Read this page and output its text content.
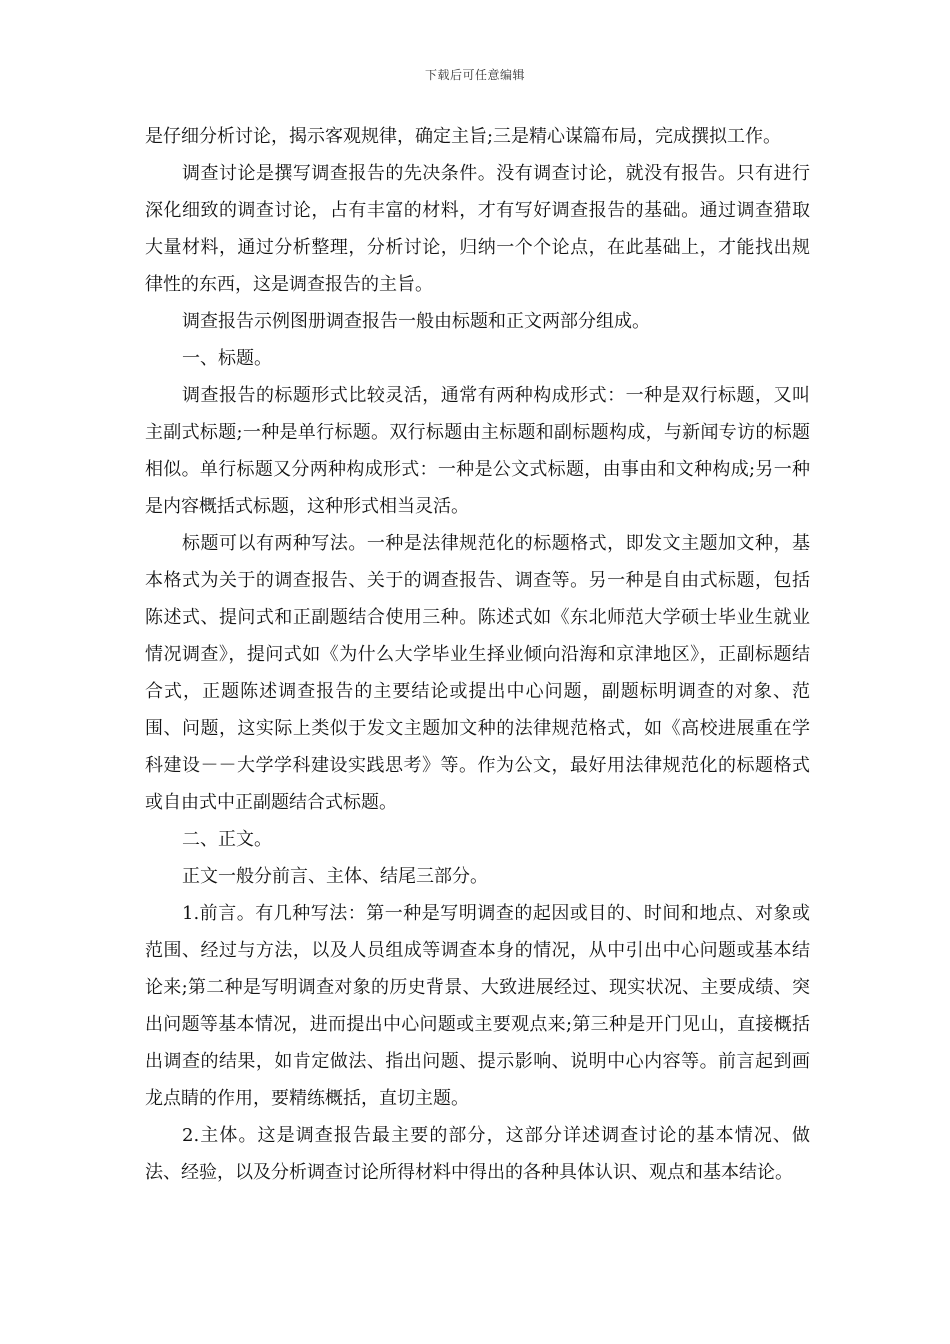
下载后可任意编辑

是仔细分析讨论，揭示客观规律，确定主旨;三是精心谋篇布局，完成撰拟工作。

调查讨论是撰写调查报告的先决条件。没有调查讨论，就没有报告。只有进行深化细致的调查讨论，占有丰富的材料，才有写好调查报告的基础。通过调查猎取大量材料，通过分析整理，分析讨论，归纳一个个论点，在此基础上，才能找出规律性的东西，这是调查报告的主旨。

调查报告示例图册调查报告一般由标题和正文两部分组成。

一、标题。

调查报告的标题形式比较灵活，通常有两种构成形式：一种是双行标题，又叫主副式标题;一种是单行标题。双行标题由主标题和副标题构成，与新闻专访的标题相似。单行标题又分两种构成形式：一种是公文式标题，由事由和文种构成;另一种是内容概括式标题，这种形式相当灵活。

标题可以有两种写法。一种是法律规范化的标题格式，即发文主题加文种，基本格式为关于的调查报告、关于的调查报告、调查等。另一种是自由式标题，包括陈述式、提问式和正副题结合使用三种。陈述式如《东北师范大学硕士毕业生就业情况调查》，提问式如《为什么大学毕业生择业倾向沿海和京津地区》，正副标题结合式，正题陈述调查报告的主要结论或提出中心问题，副题标明调查的对象、范围、问题，这实际上类似于发文主题加文种的法律规范格式，如《高校进展重在学科建设－－大学学科建设实践思考》等。作为公文，最好用法律规范化的标题格式或自由式中正副题结合式标题。

二、正文。

正文一般分前言、主体、结尾三部分。

1.前言。有几种写法：第一种是写明调查的起因或目的、时间和地点、对象或范围、经过与方法，以及人员组成等调查本身的情况，从中引出中心问题或基本结论来;第二种是写明调查对象的历史背景、大致进展经过、现实状况、主要成绩、突出问题等基本情况，进而提出中心问题或主要观点来;第三种是开门见山，直接概括出调查的结果，如肯定做法、指出问题、提示影响、说明中心内容等。前言起到画龙点睛的作用，要精练概括，直切主题。

2.主体。这是调查报告最主要的部分，这部分详述调查讨论的基本情况、做法、经验，以及分析调查讨论所得材料中得出的各种具体认识、观点和基本结论。
